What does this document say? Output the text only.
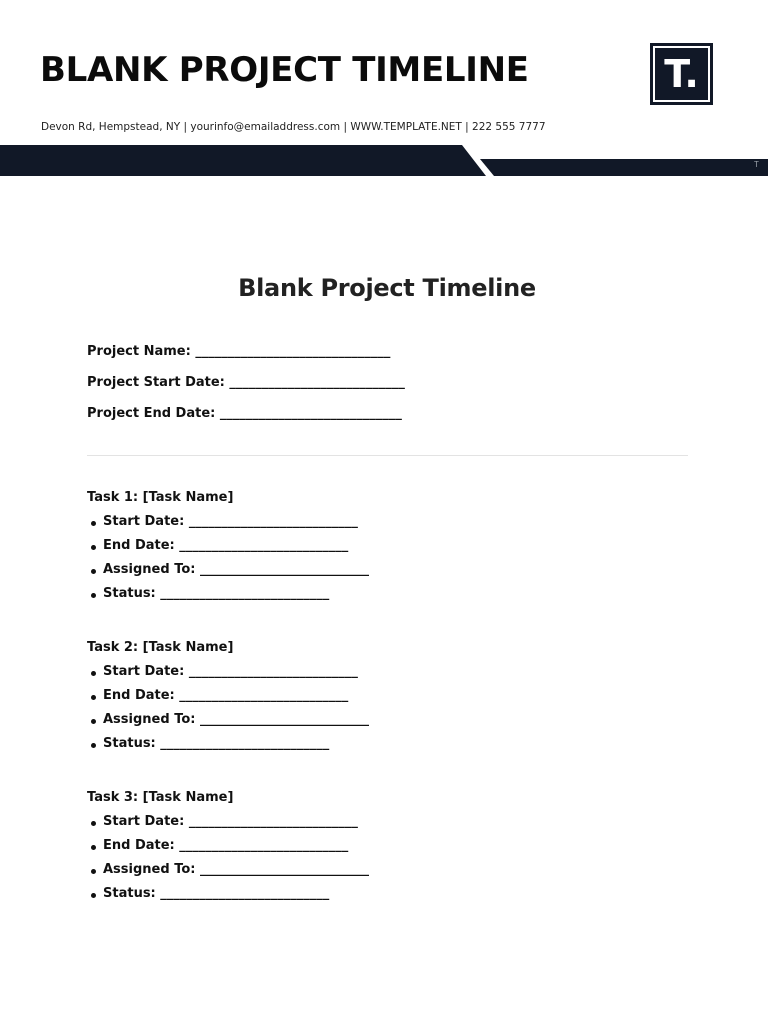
BLANK PROJECT TIMELINE
Devon Rd, Hempstead, NY | yourinfo@emailaddress.com | WWW.TEMPLATE.NET | 222 555 7777
T.
T
Blank Project Timeline
Project Name: ______________________________
Project Start Date: ___________________________
Project End Date: ____________________________
Task 1: [Task Name]
Start Date: __________________________
End Date: __________________________
Assigned To: __________________________
Status: __________________________
Task 2: [Task Name]
Start Date: __________________________
End Date: __________________________
Assigned To: __________________________
Status: __________________________
Task 3: [Task Name]
Start Date: __________________________
End Date: __________________________
Assigned To: __________________________
Status: __________________________
